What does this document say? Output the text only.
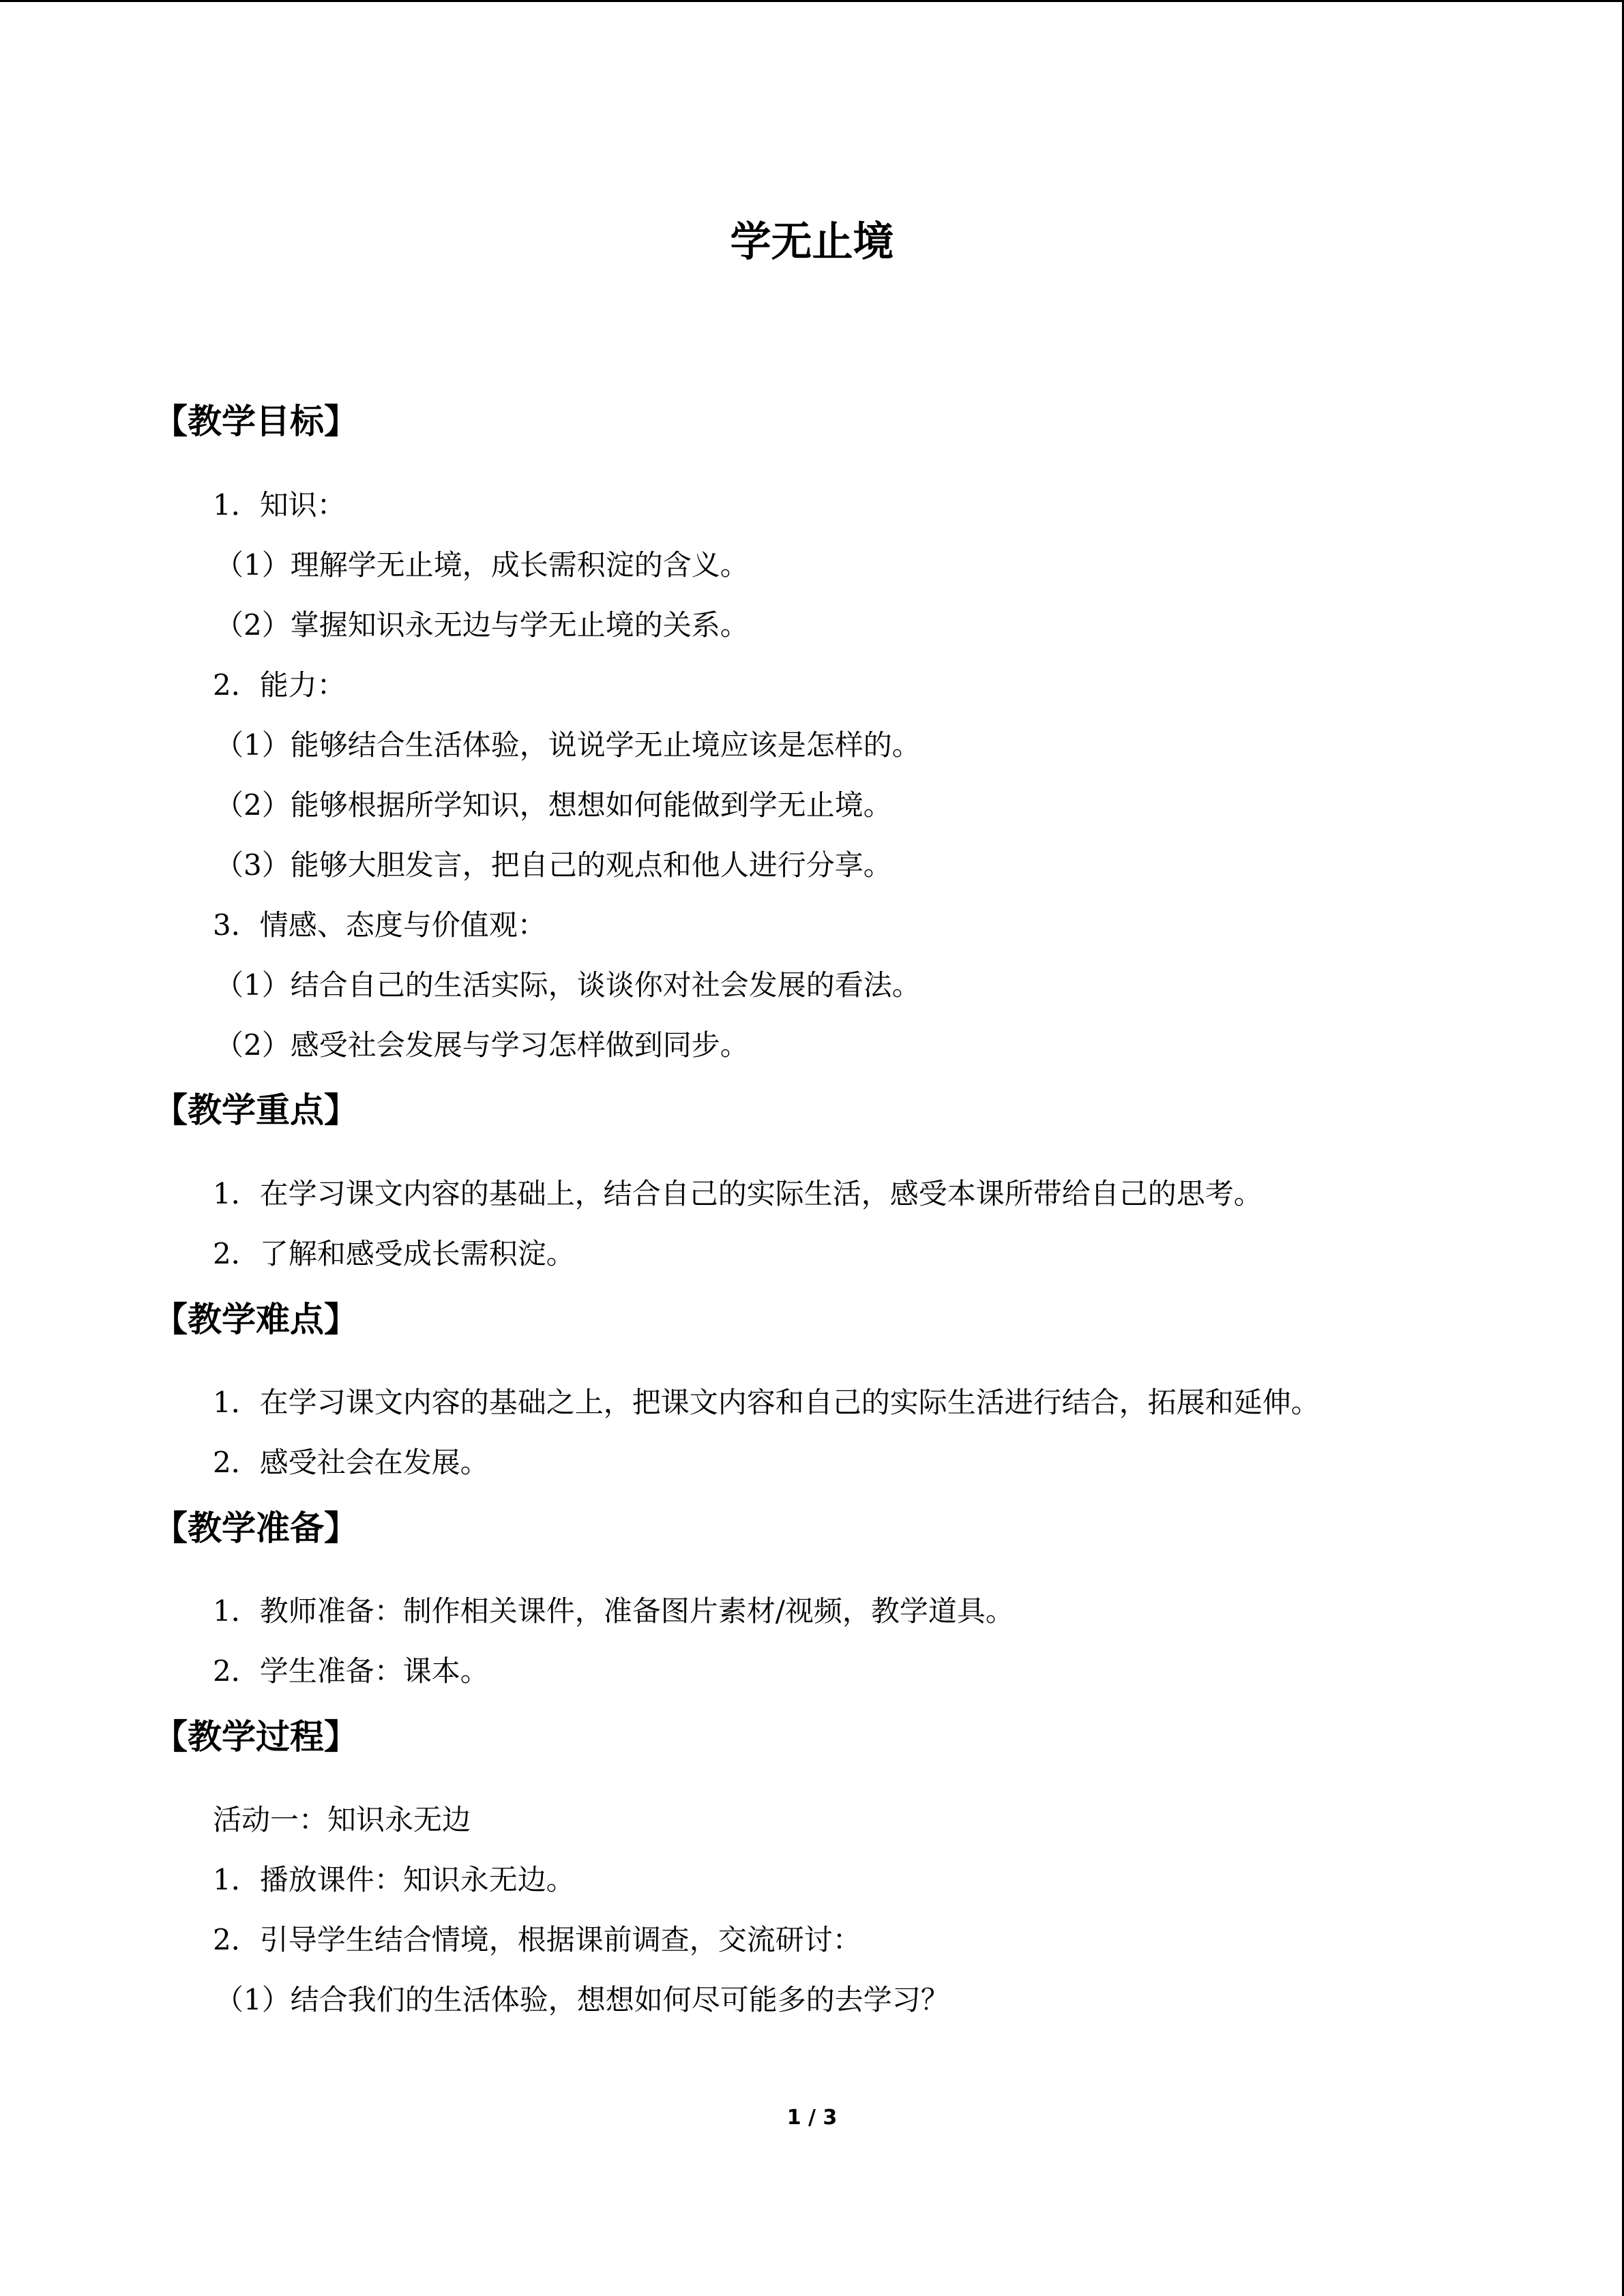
学无止境
【教学目标】

1．知识：

（1）理解学无止境，成长需积淀的含义。

（2）掌握知识永无边与学无止境的关系。

2．能力：

（1）能够结合生活体验，说说学无止境应该是怎样的。

（2）能够根据所学知识，想想如何能做到学无止境。

（3）能够大胆发言，把自己的观点和他人进行分享。

3．情感、态度与价值观：

（1）结合自己的生活实际，谈谈你对社会发展的看法。

（2）感受社会发展与学习怎样做到同步。

【教学重点】

1．在学习课文内容的基础上，结合自己的实际生活，感受本课所带给自己的思考。

2．了解和感受成长需积淀。

【教学难点】

1．在学习课文内容的基础之上，把课文内容和自己的实际生活进行结合，拓展和延伸。

2．感受社会在发展。

【教学准备】

1．教师准备：制作相关课件，准备图片素材/视频，教学道具。

2．学生准备：课本。

【教学过程】

活动一：知识永无边

1．播放课件：知识永无边。

2．引导学生结合情境，根据课前调查，交流研讨：

（1）结合我们的生活体验，想想如何尽可能多的去学习？

1 / 3
